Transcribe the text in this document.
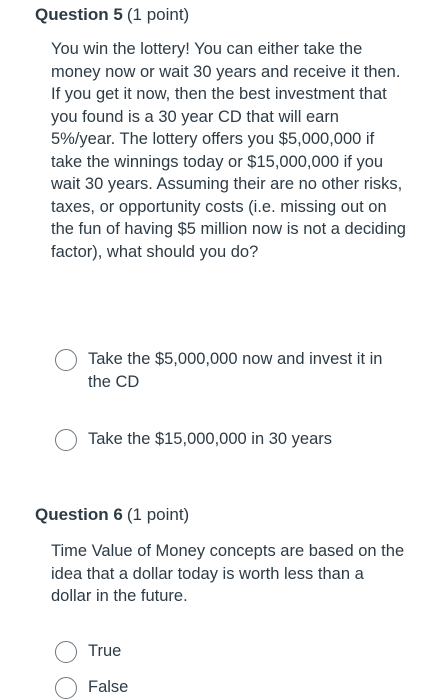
Question 5 (1 point)

You win the lottery! You can either take the money now or wait 30 years and receive it then. If you get it now, then the best investment that you found is a 30 year CD that will earn 5%/year. The lottery offers you $5,000,000 if take the winnings today or $15,000,000 if you wait 30 years. Assuming their are no other risks, taxes, or opportunity costs (i.e. missing out on the fun of having $5 million now is not a deciding factor), what should you do?

Take the $5,000,000 now and invest it in the CD
Take the $15,000,000 in 30 years
Question 6 (1 point)

Time Value of Money concepts are based on the idea that a dollar today is worth less than a dollar in the future.

True
False
